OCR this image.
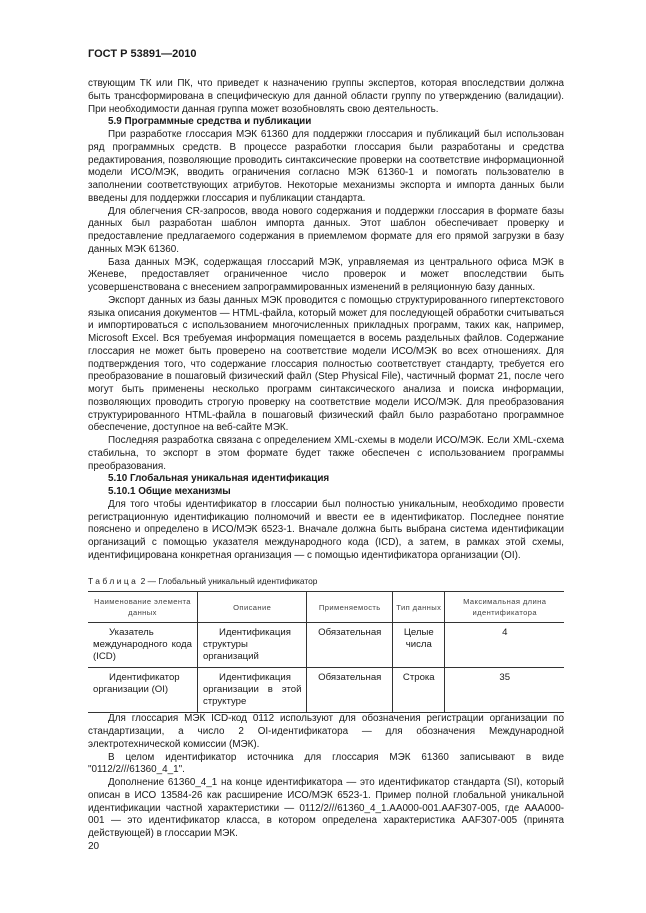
ГОСТ Р 53891—2010

ствующим ТК или ПК, что приведет к назначению группы экспертов, которая впоследствии должна быть трансформирована в специфическую для данной области группу по утверждению (валидации). При необходимости данная группа может возобновлять свою деятельность.

5.9 Программные средства и публикации

При разработке глоссария МЭК 61360 для поддержки глоссария и публикаций был использован ряд программных средств. В процессе разработки глоссария были разработаны и средства редактирования, позволяющие проводить синтаксические проверки на соответствие информационной модели ИСО/МЭК, вводить ограничения согласно МЭК 61360-1 и помогать пользователю в заполнении соответствующих атрибутов. Некоторые механизмы экспорта и импорта данных были введены для поддержки глоссария и публикации стандарта.

Для облегчения CR-запросов, ввода нового содержания и поддержки глоссария в формате базы данных был разработан шаблон импорта данных. Этот шаблон обеспечивает проверку и предоставление предлагаемого содержания в приемлемом формате для его прямой загрузки в базу данных МЭК 61360.

База данных МЭК, содержащая глоссарий МЭК, управляемая из центрального офиса МЭК в Женеве, предоставляет ограниченное число проверок и может впоследствии быть усовершенствована с внесением запрограммированных изменений в реляционную базу данных.

Экспорт данных из базы данных МЭК проводится с помощью структурированного гипертекстового языка описания документов — HTML-файла, который может для последующей обработки считываться и импортироваться с использованием многочисленных прикладных программ, таких как, например, Microsoft Excel. Вся требуемая информация помещается в восемь раздельных файлов. Содержание глоссария не может быть проверено на соответствие модели ИСО/МЭК во всех отношениях. Для подтверждения того, что содержание глоссария полностью соответствует стандарту, требуется его преобразование в пошаговый физический файл (Step Physical File), частичный формат 21, после чего могут быть применены несколько программ синтаксического анализа и поиска информации, позволяющих проводить строгую проверку на соответствие модели ИСО/МЭК. Для преобразования структурированного HTML-файла в пошаговый физический файл было разработано программное обеспечение, доступное на веб-сайте МЭК.

Последняя разработка связана с определением XML-схемы в модели ИСО/МЭК. Если XML-схема стабильна, то экспорт в этом формате будет также обеспечен с использованием программы преобразования.

5.10 Глобальная уникальная идентификация
5.10.1 Общие механизмы

Для того чтобы идентификатор в глоссарии был полностью уникальным, необходимо провести регистрационную идентификацию полномочий и ввести ее в идентификатор. Последнее понятие пояснено и определено в ИСО/МЭК 6523-1. Вначале должна быть выбрана система идентификации организаций с помощью указателя международного кода (ICD), а затем, в рамках этой схемы, идентифицирована конкретная организация — с помощью идентификатора организации (OI).

Таблица 2 — Глобальный уникальный идентификатор
Наименование элемента данных	Описание	Применяемость	Тип данных	Максимальная длина идентификатора
Указатель международного кода (ICD)	Идентификация структуры организаций	Обязательная	Целые числа	4
Идентификатор организации (OI)	Идентификация организации в этой структуре	Обязательная	Строка	35

Для глоссария МЭК ICD-код 0112 используют для обозначения регистрации организации по стандартизации, а число 2 OI-идентификатора — для обозначения Международной электротехнической комиссии (МЭК).

В целом идентификатор источника для глоссария МЭК 61360 записывают в виде "0112/2///61360_4_1".

Дополнение 61360_4_1 на конце идентификатора — это идентификатор стандарта (SI), который описан в ИСО 13584-26 как расширение ИСО/МЭК 6523-1. Пример полной глобальной уникальной идентификации частной характеристики — 0112/2///61360_4_1.AA000-001.AAF307-005, где AAA000-001 — это идентификатор класса, в котором определена характеристика AAF307-005 (принята действующей) в глоссарии МЭК.

20
